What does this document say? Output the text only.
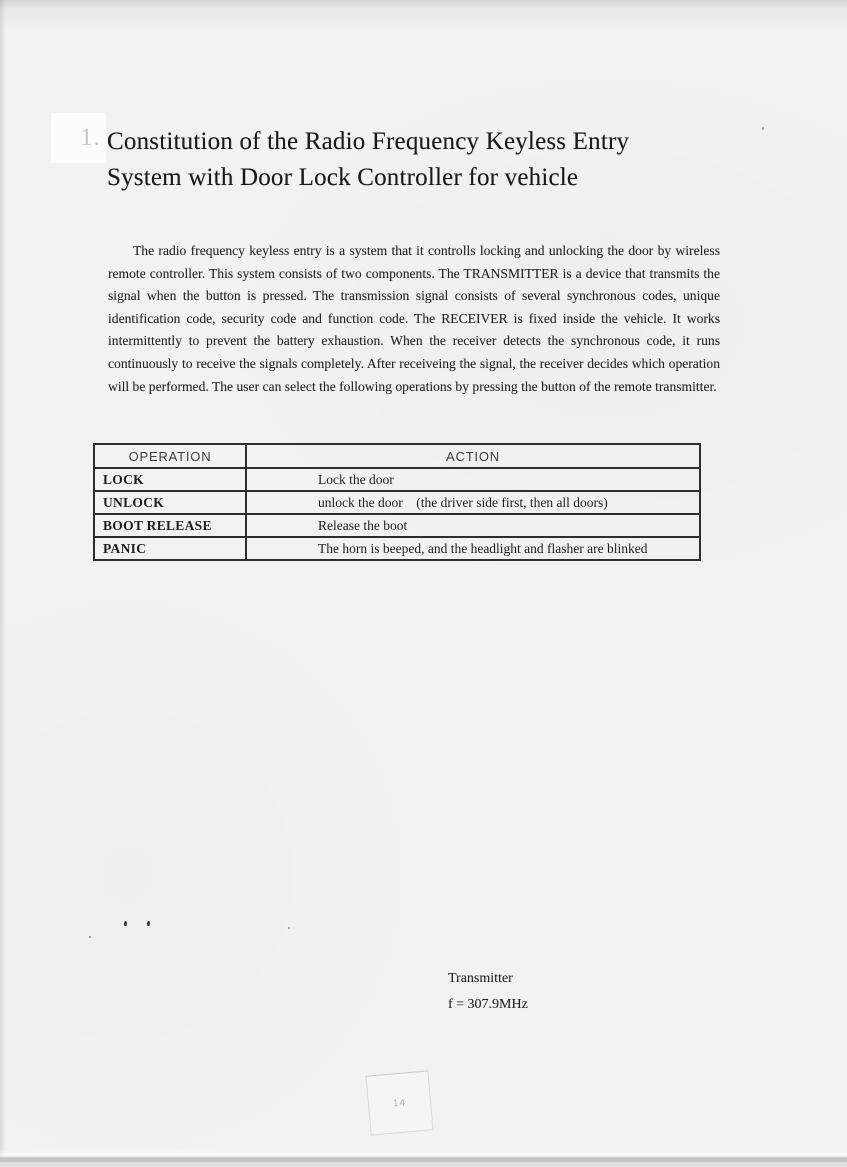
1. Constitution of the Radio Frequency Keyless Entry
System with Door Lock Controller for vehicle

The radio frequency keyless entry is a system that it controlls locking and unlocking the door by wireless remote controller. This system consists of two components. The TRANSMITTER is a device that transmits the signal when the button is pressed. The transmission signal consists of several synchronous codes, unique identification code, security code and function code. The RECEIVER is fixed inside the vehicle. It works intermittently to prevent the battery exhaustion. When the receiver detects the synchronous code, it runs continuously to receive the signals completely. After receiveing the signal, the receiver decides which operation will be performed. The user can select the following operations by pressing the button of the remote transmitter.

OPERATION	ACTION
LOCK	Lock the door
UNLOCK	unlock the door    (the driver side first, then all doors)
BOOT RELEASE	Release the boot
PANIC	The horn is beeped, and the headlight and flasher are blinked
Transmitter
f = 307.9MHz
14
